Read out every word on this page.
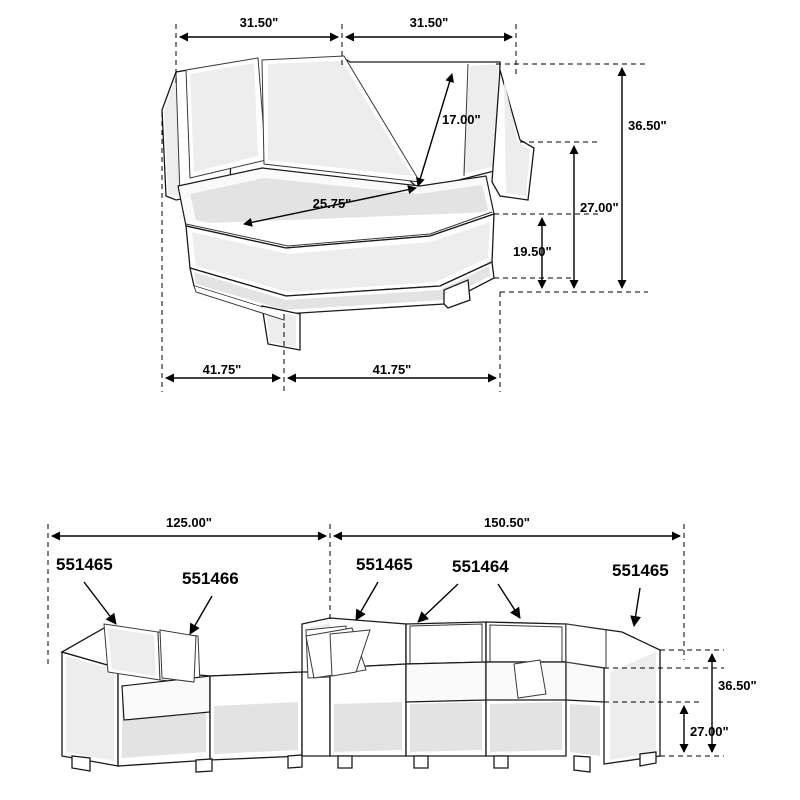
31.50"	31.50"
17.00"
25.75"
36.50"
27.00"
19.50"
41.75"	41.75"
125.00"	150.50"
551465
551466
551465 551464	551465
36.50"
27.00"
